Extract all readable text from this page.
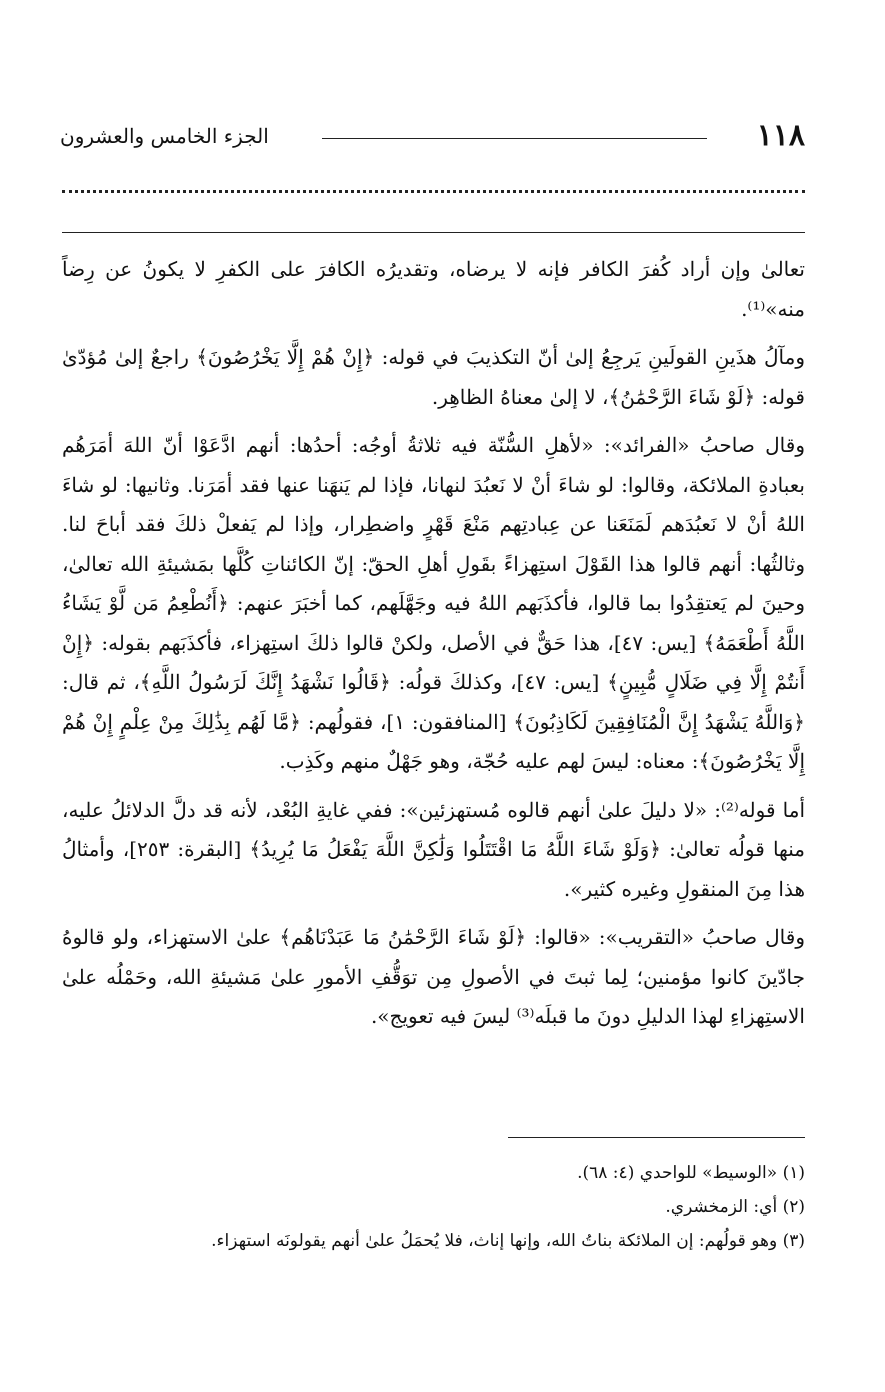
١١٨
الجزء الخامس والعشرون

تعالىٰ وإن أراد كُفرَ الكافر فإنه لا يرضاه، وتقديرُه الكافرَ على الكفرِ لا يكونُ عن رِضاً منه»⁽¹⁾.

ومآلُ هذَينِ القولَينِ يَرجِعُ إلىٰ أنّ التكذيبَ في قوله: ﴿إِنْ هُمْ إِلَّا يَخْرُصُونَ﴾ راجعٌ إلىٰ مُؤدّىٰ قوله: ﴿لَوْ شَاءَ الرَّحْمَٰنُ﴾، لا إلىٰ معناهُ الظاهِر.

وقال صاحبُ «الفرائد»: «لأهلِ السُّنّة فيه ثلاثةُ أوجُه: أحدُها: أنهم ادَّعَوْا أنّ اللهَ أمَرَهُم بعبادةِ الملائكة، وقالوا: لو شاءَ أنْ لا نَعبُدَ لنهانا، فإذا لم يَنهَنا عنها فقد أمَرَنا. وثانيها: لو شاءَ اللهُ أنْ لا نَعبُدَهم لَمَنَعَنا عن عِبادتِهم مَنْعَ قَهْرٍ واضطِرار، وإذا لم يَفعلْ ذلكَ فقد أباحَ لنا. وثالثُها: أنهم قالوا هذا القَوْلَ استِهزاءً بقَولِ أهلِ الحقّ: إنّ الكائناتِ كُلَّها بمَشيئةِ الله تعالىٰ، وحينَ لم يَعتقِدُوا بما قالوا، فأكذَبَهم اللهُ فيه وجَهَّلَهم، كما أخبَرَ عنهم: ﴿أَنُطْعِمُ مَن لَّوْ يَشَاءُ اللَّهُ أَطْعَمَهُ﴾ [يس: ٤٧]، هذا حَقٌّ في الأصل، ولكنْ قالوا ذلكَ استِهزاء، فأكذَبَهم بقوله: ﴿إِنْ أَنتُمْ إِلَّا فِي ضَلَالٍ مُّبِينٍ﴾ [يس: ٤٧]، وكذلكَ قولُه: ﴿قَالُوا نَشْهَدُ إِنَّكَ لَرَسُولُ اللَّهِ﴾، ثم قال: ﴿وَاللَّهُ يَشْهَدُ إِنَّ الْمُنَافِقِينَ لَكَاذِبُونَ﴾ [المنافقون: ١]، فقولُهم: ﴿مَّا لَهُم بِذَٰلِكَ مِنْ عِلْمٍ إِنْ هُمْ إِلَّا يَخْرُصُونَ﴾: معناه: ليسَ لهم عليه حُجّة، وهو جَهْلٌ منهم وكَذِب.

أما قوله⁽²⁾: «لا دليلَ علىٰ أنهم قالوه مُستهزئين»: ففي غايةِ البُعْد، لأنه قد دلَّ الدلائلُ عليه، منها قولُه تعالىٰ: ﴿وَلَوْ شَاءَ اللَّهُ مَا اقْتَتَلُوا وَلَٰكِنَّ اللَّهَ يَفْعَلُ مَا يُرِيدُ﴾ [البقرة: ٢٥٣]، وأمثالُ هذا مِنَ المنقولِ وغيره كثير».

وقال صاحبُ «التقريب»: «قالوا: ﴿لَوْ شَاءَ الرَّحْمَٰنُ مَا عَبَدْنَاهُم﴾ علىٰ الاستهزاء، ولو قالوهُ جادّينَ كانوا مؤمنين؛ لِما ثبتَ في الأصولِ مِن توَقُّفِ الأمورِ علىٰ مَشيئةِ الله، وحَمْلُه علىٰ الاستِهزاءِ لهذا الدليلِ دونَ ما قبلَه⁽³⁾ ليسَ فيه تعويج».

(١) «الوسيط» للواحدي (٤: ٦٨).

(٢) أي: الزمخشري.

(٣) وهو قولُهم: إن الملائكة بناتُ الله، وإنها إناث، فلا يُحمَلُ علىٰ أنهم يقولونَه استهزاء.
